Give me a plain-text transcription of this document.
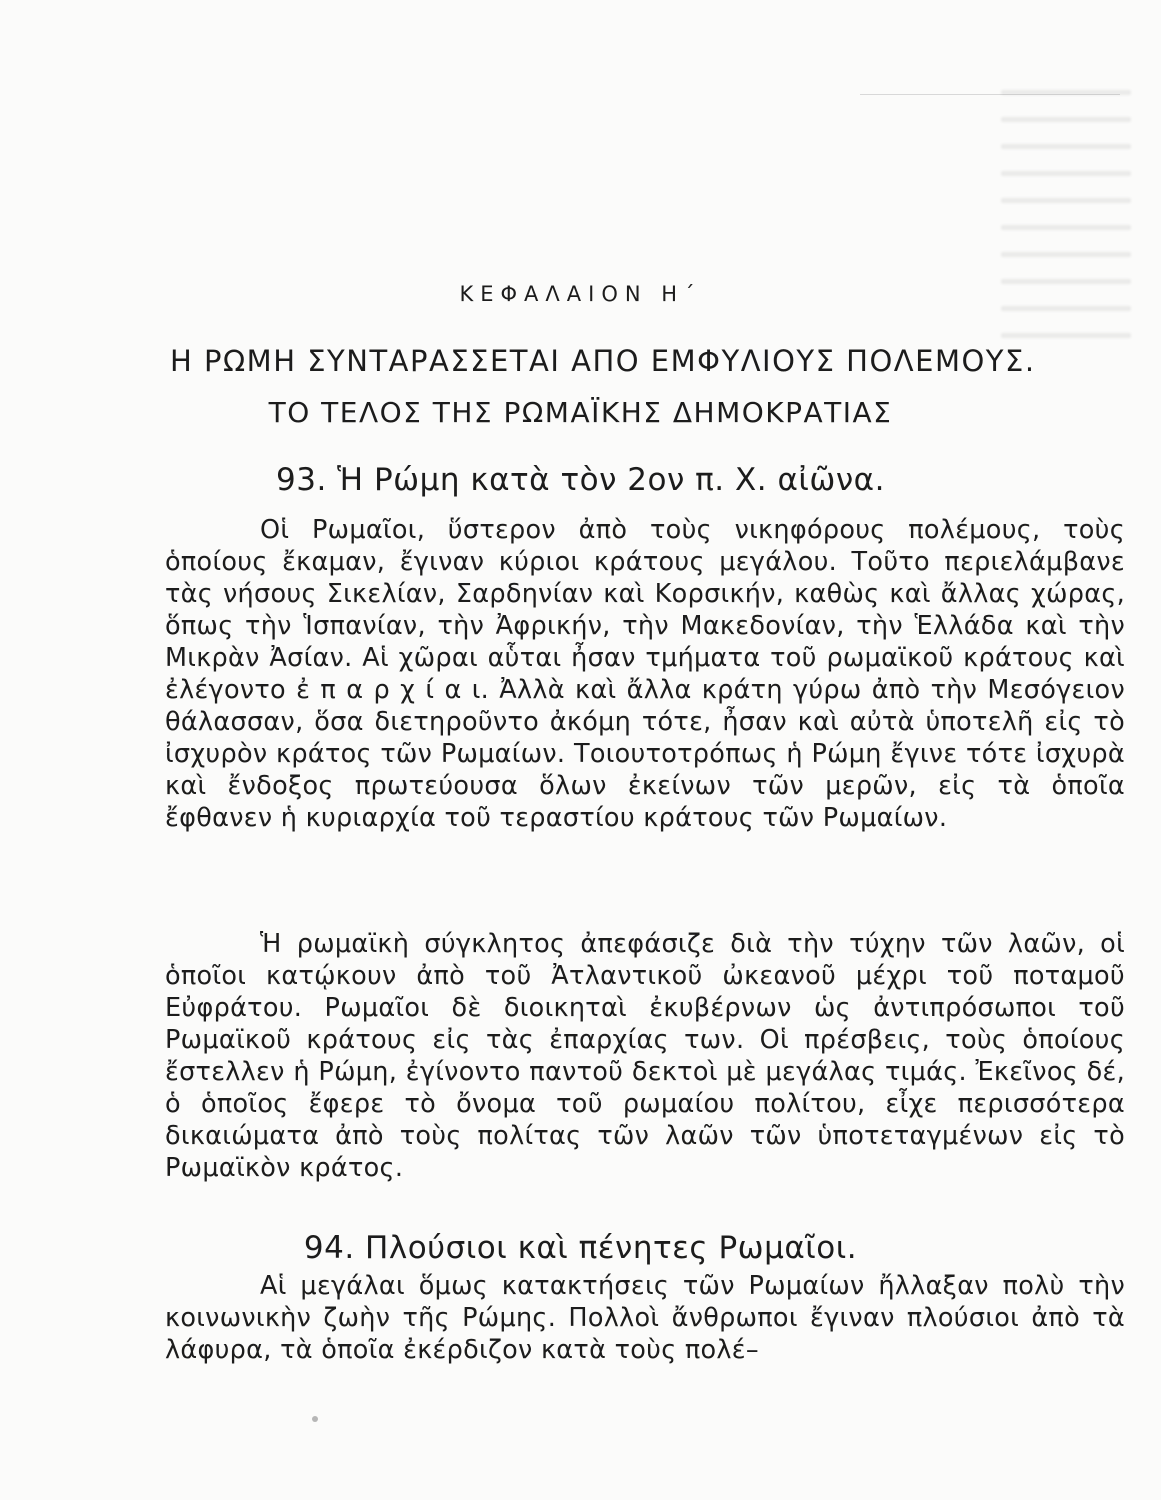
ΚΕΦΑΛΑΙΟΝ Η΄
Η ΡΩΜΗ ΣΥΝΤΑΡΑΣΣΕΤΑΙ ΑΠΟ ΕΜΦΥΛΙΟΥΣ ΠΟΛΕΜΟΥΣ.
ΤΟ ΤΕΛΟΣ ΤΗΣ ΡΩΜΑΪΚΗΣ ΔΗΜΟΚΡΑΤΙΑΣ
93. Ἡ Ρώμη κατὰ τὸν 2ον π. Χ. αἰῶνα.

Οἱ Ρωμαῖοι, ὕστερον ἀπὸ τοὺς νικηφόρους πολέμους, τοὺς ὁποίους ἔκαμαν, ἔγιναν κύριοι κράτους μεγάλου. Τοῦτο περιελάμβανε τὰς νήσους Σικελίαν, Σαρδηνίαν καὶ Κορσικήν, καθὼς καὶ ἄλλας χώρας, ὅπως τὴν Ἱσπανίαν, τὴν Ἀφρικήν, τὴν Μακεδονίαν, τὴν Ἑλλάδα καὶ τὴν Μικρὰν Ἀσίαν. Αἱ χῶραι αὗται ἦσαν τμήματα τοῦ ρωμαϊκοῦ κράτους καὶ ἐλέγοντο ἐ π α ρ χ ί α ι. Ἀλλὰ καὶ ἄλλα κράτη γύρω ἀπὸ τὴν Μεσόγειον θάλασσαν, ὅσα διετηροῦντο ἀκόμη τότε, ἦσαν καὶ αὐτὰ ὑποτελῆ εἰς τὸ ἰσχυρὸν κράτος τῶν Ρωμαίων. Τοιουτοτρόπως ἡ Ρώμη ἔγινε τότε ἰσχυρὰ καὶ ἔνδοξος πρωτεύουσα ὅλων ἐκείνων τῶν μερῶν, εἰς τὰ ὁποῖα ἔφθανεν ἡ κυριαρχία τοῦ τεραστίου κράτους τῶν Ρωμαίων.

Ἡ ρωμαϊκὴ σύγκλητος ἀπεφάσιζε διὰ τὴν τύχην τῶν λαῶν, οἱ ὁποῖοι κατῴκουν ἀπὸ τοῦ Ἀτλαντικοῦ ὠκεανοῦ μέχρι τοῦ ποταμοῦ Εὐφράτου. Ρωμαῖοι δὲ διοικηταὶ ἐκυβέρνων ὡς ἀντιπρόσωποι τοῦ Ρωμαϊκοῦ κράτους εἰς τὰς ἐπαρχίας των. Οἱ πρέσβεις, τοὺς ὁποίους ἔστελλεν ἡ Ρώμη, ἐγίνοντο παντοῦ δεκτοὶ μὲ μεγάλας τιμάς. Ἐκεῖνος δέ, ὁ ὁποῖος ἔφερε τὸ ὄνομα τοῦ ρωμαίου πολίτου, εἶχε περισσότερα δικαιώματα ἀπὸ τοὺς πολίτας τῶν λαῶν τῶν ὑποτεταγμένων εἰς τὸ Ρωμαϊκὸν κράτος.

94. Πλούσιοι καὶ πένητες Ρωμαῖοι.

Αἱ μεγάλαι ὅμως κατακτήσεις τῶν Ρωμαίων ἤλλαξαν πολὺ τὴν κοινωνικὴν ζωὴν τῆς Ρώμης. Πολλοὶ ἄνθρωποι ἔγιναν πλούσιοι ἀπὸ τὰ λάφυρα, τὰ ὁποῖα ἐκέρδιζον κατὰ τοὺς πολέ–
